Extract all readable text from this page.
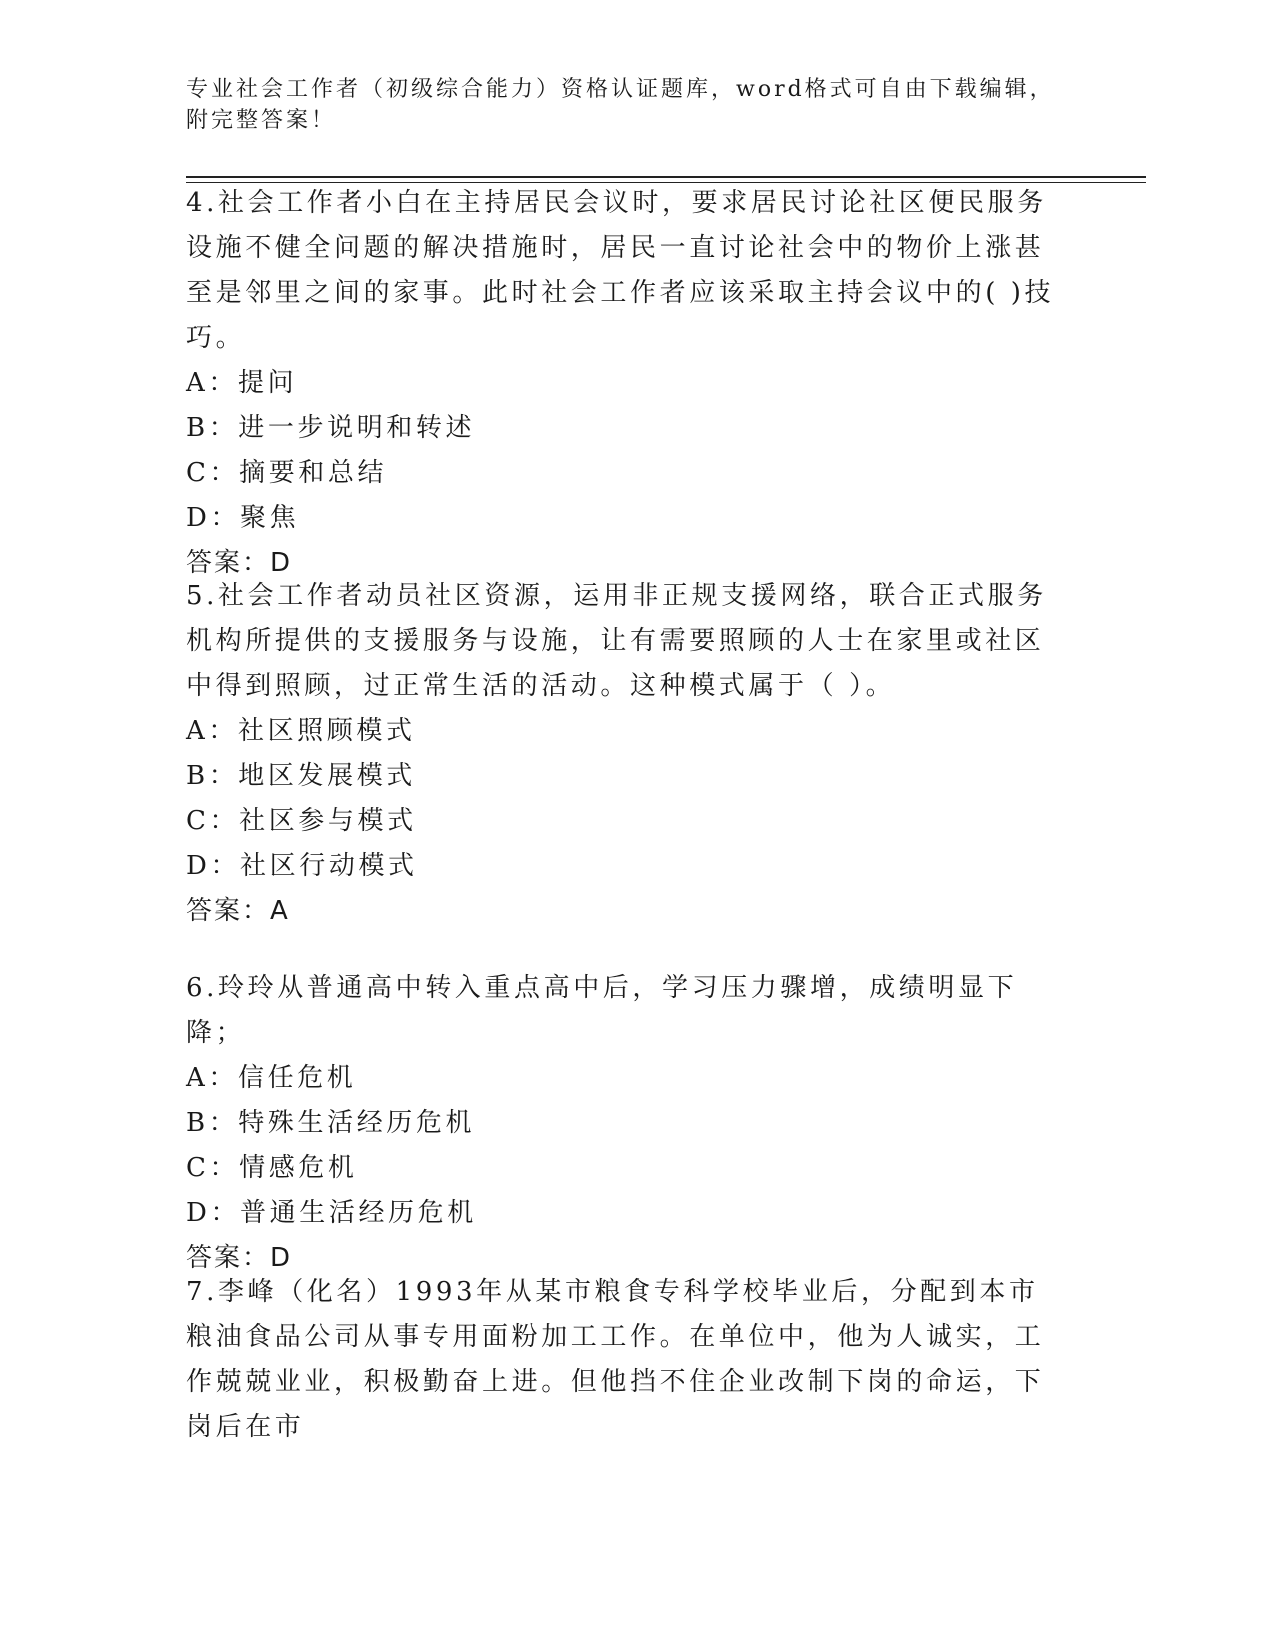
专业社会工作者（初级综合能力）资格认证题库，word格式可自由下载编辑，附完整答案！

4.社会工作者小白在主持居民会议时，要求居民讨论社区便民服务设施不健全问题的解决措施时，居民一直讨论社会中的物价上涨甚至是邻里之间的家事。此时社会工作者应该采取主持会议中的( )技巧。

A：提问

B：进一步说明和转述

C：摘要和总结

D：聚焦

答案：D

5.社会工作者动员社区资源，运用非正规支援网络，联合正式服务机构所提供的支援服务与设施，让有需要照顾的人士在家里或社区中得到照顾，过正常生活的活动。这种模式属于（ ）。

A：社区照顾模式

B：地区发展模式

C：社区参与模式

D：社区行动模式

答案：A

6.玲玲从普通高中转入重点高中后，学习压力骤增，成绩明显下降；

A：信任危机

B：特殊生活经历危机

C：情感危机

D：普通生活经历危机

答案：D

7.李峰（化名）1993年从某市粮食专科学校毕业后，分配到本市粮油食品公司从事专用面粉加工工作。在单位中，他为人诚实，工作兢兢业业，积极勤奋上进。但他挡不住企业改制下岗的命运，下岗后在市
